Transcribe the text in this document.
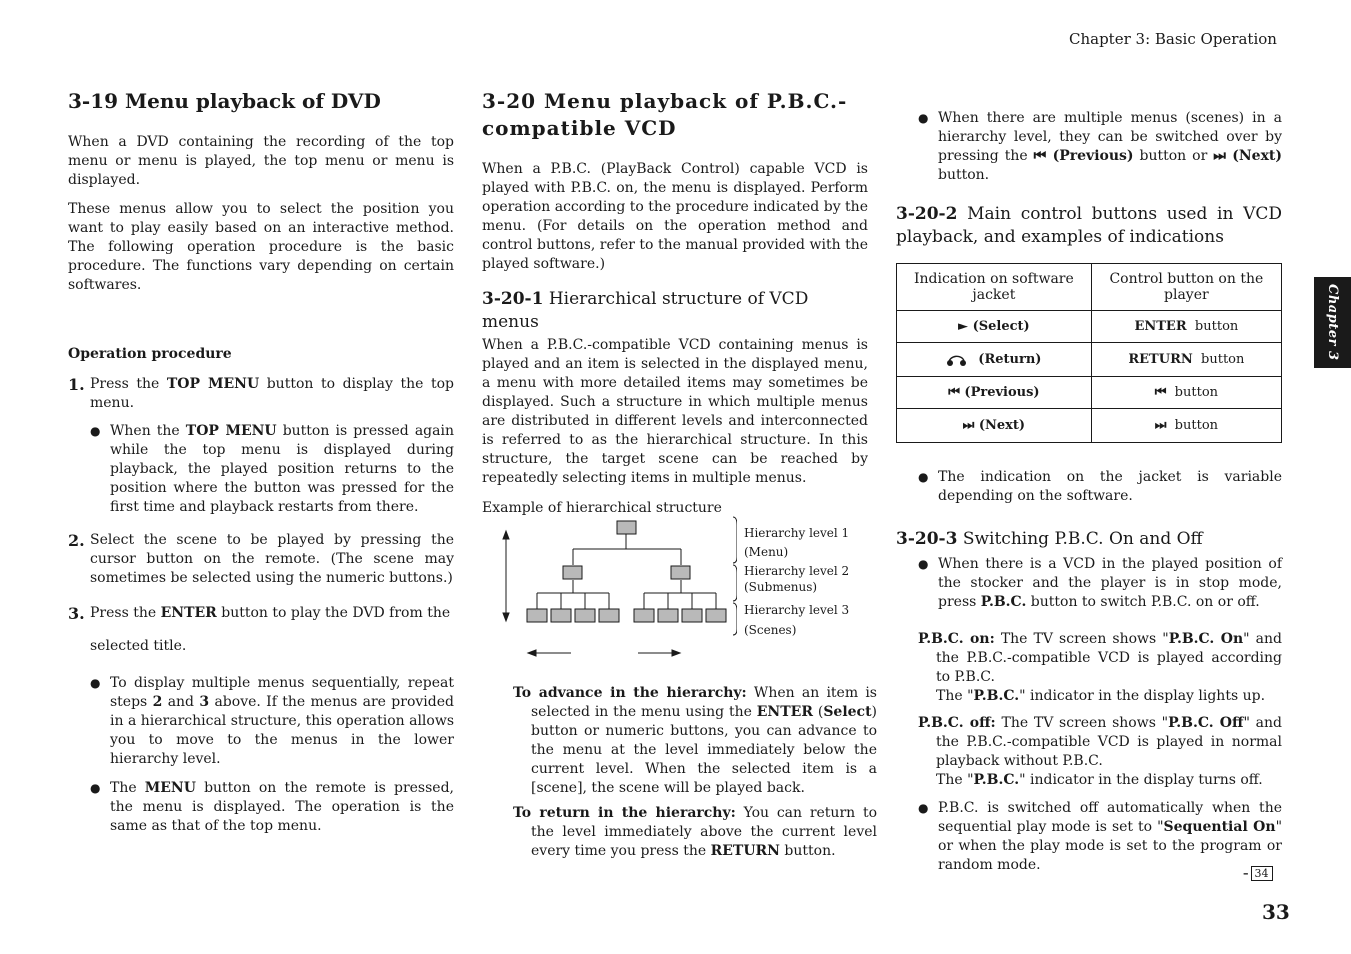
Chapter 3: Basic Operation
33
Chapter 3
3-19 Menu playback of DVD

When a DVD containing the recording of the top menu or menu is played, the top menu or menu is displayed.

These menus allow you to select the position you want to play easily based on an interactive method. The following operation procedure is the basic procedure. The functions vary depending on certain softwares.

Operation procedure

1. Press the TOP MENU button to display the top menu.
● When the TOP MENU button is pressed again while the top menu is displayed during playback, the played position returns to the position where the button was pressed for the first time and playback restarts from there.
2. Select the scene to be played by pressing the cursor button on the remote. (The scene may sometimes be selected using the numeric buttons.)
3. Press the ENTER button to play the DVD from the

selected title.

● To display multiple menus sequentially, repeat steps 2 and 3 above. If the menus are provided in a hierarchical structure, this operation allows you to move to the menus in the lower hierarchy level.
● The MENU button on the remote is pressed, the menu is displayed. The operation is the same as that of the top menu.
3-20 Menu playback of P.B.C.-compatible VCD

When a P.B.C. (PlayBack Control) capable VCD is played with P.B.C. on, the menu is displayed. Perform operation according to the procedure indicated by the menu. (For details on the operation method and control buttons, refer to the manual provided with the played software.)

3-20-1 Hierarchical structure of VCD menus

When a P.B.C.-compatible VCD containing menus is played and an item is selected in the displayed menu, a menu with more detailed items may sometimes be displayed. Such a structure in which multiple menus are distributed in different levels and interconnected is referred to as the hierarchical structure. In this structure, the target scene can be reached by repeatedly selecting items in multiple menus.

Example of hierarchical structure

Hierarchy level 1
(Menu)
Hierarchy level 2
(Submenus)
Hierarchy level 3
(Scenes)

To advance in the hierarchy: When an item is selected in the menu using the ENTER (Select) button or numeric buttons, you can advance to the menu at the level immediately below the current level. When the selected item is a [scene], the scene will be played back.

To return in the hierarchy: You can return to the level immediately above the current level every time you press the RETURN button.

● When there are multiple menus (scenes) in a hierarchy level, they can be switched over by pressing the ⏮ (Previous) button or ⏭ (Next) button.
3-20-2 Main control buttons used in VCD playback, and examples of indications
Indication on software jacket	Control button on the player
► (Select)	ENTER button
(Return)	RETURN button
⏮ (Previous)	⏮ button
⏭ (Next)	⏭ button
● The indication on the jacket is variable depending on the software.
3-20-3 Switching P.B.C. On and Off
● When there is a VCD in the played position of the stocker and the player is in stop mode, press P.B.C. button to switch P.B.C. on or off.

P.B.C. on: The TV screen shows "P.B.C. On" and the P.B.C.-compatible VCD is played according to P.B.C.

The "P.B.C." indicator in the display lights up.

P.B.C. off: The TV screen shows "P.B.C. Off" and the P.B.C.-compatible VCD is played in normal playback without P.B.C.

The "P.B.C." indicator in the display turns off.

● P.B.C. is switched off automatically when the sequential play mode is set to "Sequential On" or when the play mode is set to the program or random mode.
– 34
